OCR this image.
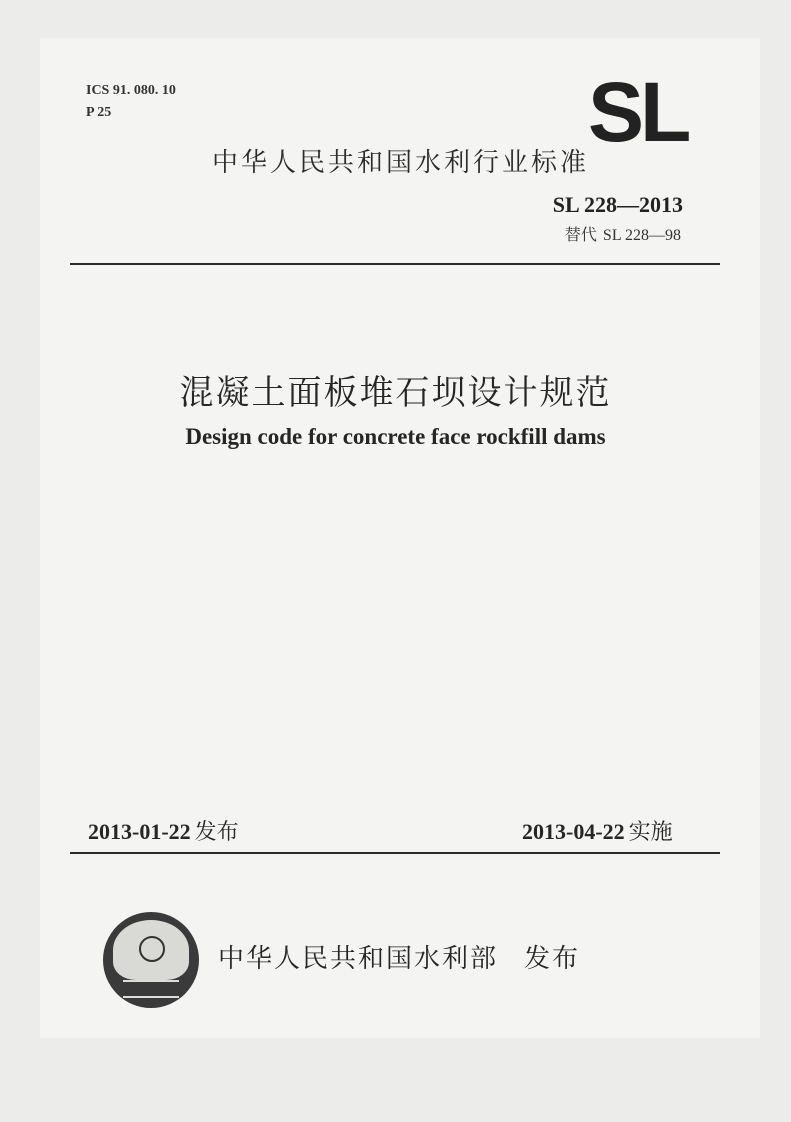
ICS 91. 080. 10
P 25	SL
中华人民共和国水利行业标准
SL 228—2013
替代 SL 228—98
混凝土面板堆石坝设计规范
Design code for concrete face rockfill dams
2013-01-22 发布	2013-04-22 实施
中华人民共和国水利部 发布
